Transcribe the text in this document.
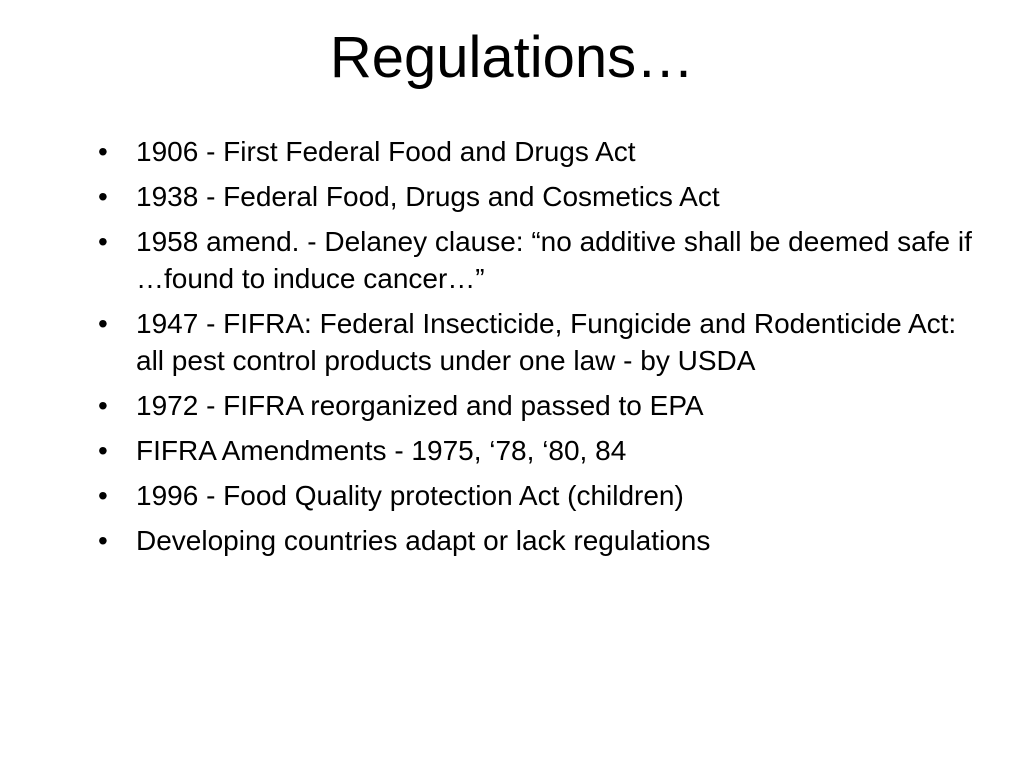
Regulations…
• 1906 - First Federal Food and Drugs Act
• 1938 - Federal Food, Drugs and Cosmetics Act
• 1958 amend. - Delaney clause: “no additive shall be deemed safe if …found to induce cancer…”
• 1947 - FIFRA: Federal Insecticide, Fungicide and Rodenticide Act: all pest control products under one law - by USDA
• 1972 - FIFRA reorganized and passed to EPA
• FIFRA Amendments - 1975, ‘78, ‘80, 84
• 1996 - Food Quality protection Act (children)
• Developing countries adapt or lack regulations
